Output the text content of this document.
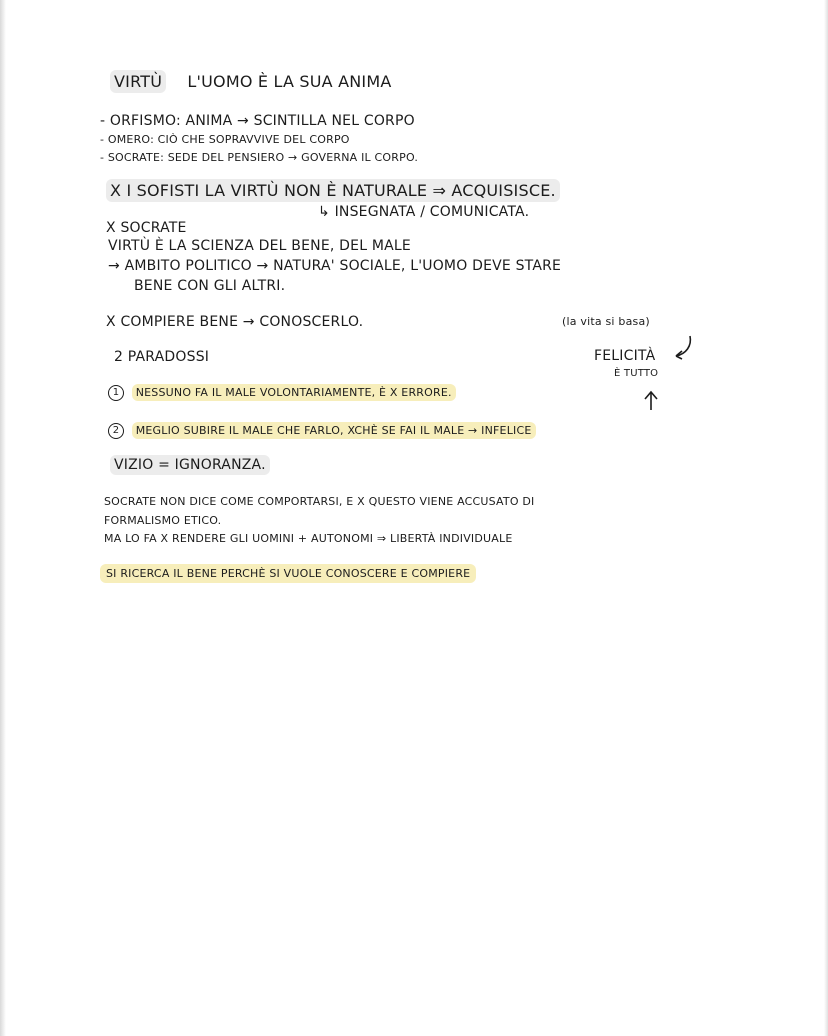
VIRTÙ L'UOMO È LA SUA ANIMA
- ORFISMO: ANIMA → SCINTILLA NEL CORPO
- OMERO: CIÒ CHE SOPRAVVIVE DEL CORPO
- SOCRATE: SEDE DEL PENSIERO → GOVERNA IL CORPO.
X I SOFISTI LA VIRTÙ NON È NATURALE ⇒ ACQUISISCE.
↳ INSEGNATA / COMUNICATA.
X SOCRATE
VIRTÙ È LA SCIENZA DEL BENE, DEL MALE
→ AMBITO POLITICO → NATURA' SOCIALE, L'UOMO DEVE STARE
BENE CON GLI ALTRI.
X COMPIERE BENE → CONOSCERLO.	(la vita si basa)
2 PARADOSSI	FELICITÀ
È TUTTO
1 NESSUNO FA IL MALE VOLONTARIAMENTE, È X ERRORE.
2 MEGLIO SUBIRE IL MALE CHE FARLO, XCHÈ SE FAI IL MALE → INFELICE
VIZIO = IGNORANZA.
SOCRATE NON DICE COME COMPORTARSI, E X QUESTO VIENE ACCUSATO DI
FORMALISMO ETICO.
MA LO FA X RENDERE GLI UOMINI + AUTONOMI ⇒ LIBERTÀ INDIVIDUALE
SI RICERCA IL BENE PERCHÈ SI VUOLE CONOSCERE E COMPIERE
